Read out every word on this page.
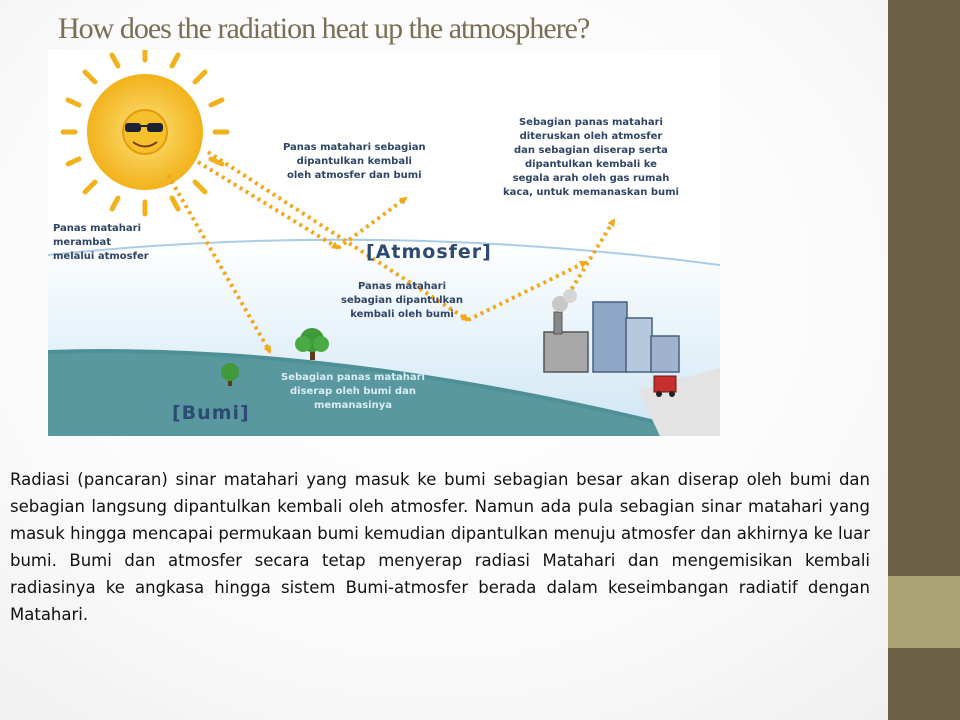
How does the radiation heat up the atmosphere?
Panas matahari
merambat
melalui atmosfer
Panas matahari sebagian
dipantulkan kembali
oleh atmosfer dan bumi
Sebagian panas matahari
diteruskan oleh atmosfer
dan sebagian diserap serta
dipantulkan kembali ke
segala arah oleh gas rumah
kaca, untuk memanaskan bumi
Panas matahari
sebagian dipantulkan
kembali oleh bumi
Sebagian panas matahari
diserap oleh bumi dan
memanasinya
[Atmosfer]
[Bumi]

Radiasi (pancaran) sinar matahari yang masuk ke bumi sebagian besar akan diserap oleh bumi dan sebagian langsung dipantulkan kembali oleh atmosfer. Namun ada pula sebagian sinar matahari yang masuk hingga mencapai permukaan bumi kemudian dipantulkan menuju atmosfer dan akhirnya ke luar bumi. Bumi dan atmosfer secara tetap menyerap radiasi Matahari dan mengemisikan kembali radiasinya ke angkasa hingga sistem Bumi-atmosfer berada dalam keseimbangan radiatif dengan Matahari.
